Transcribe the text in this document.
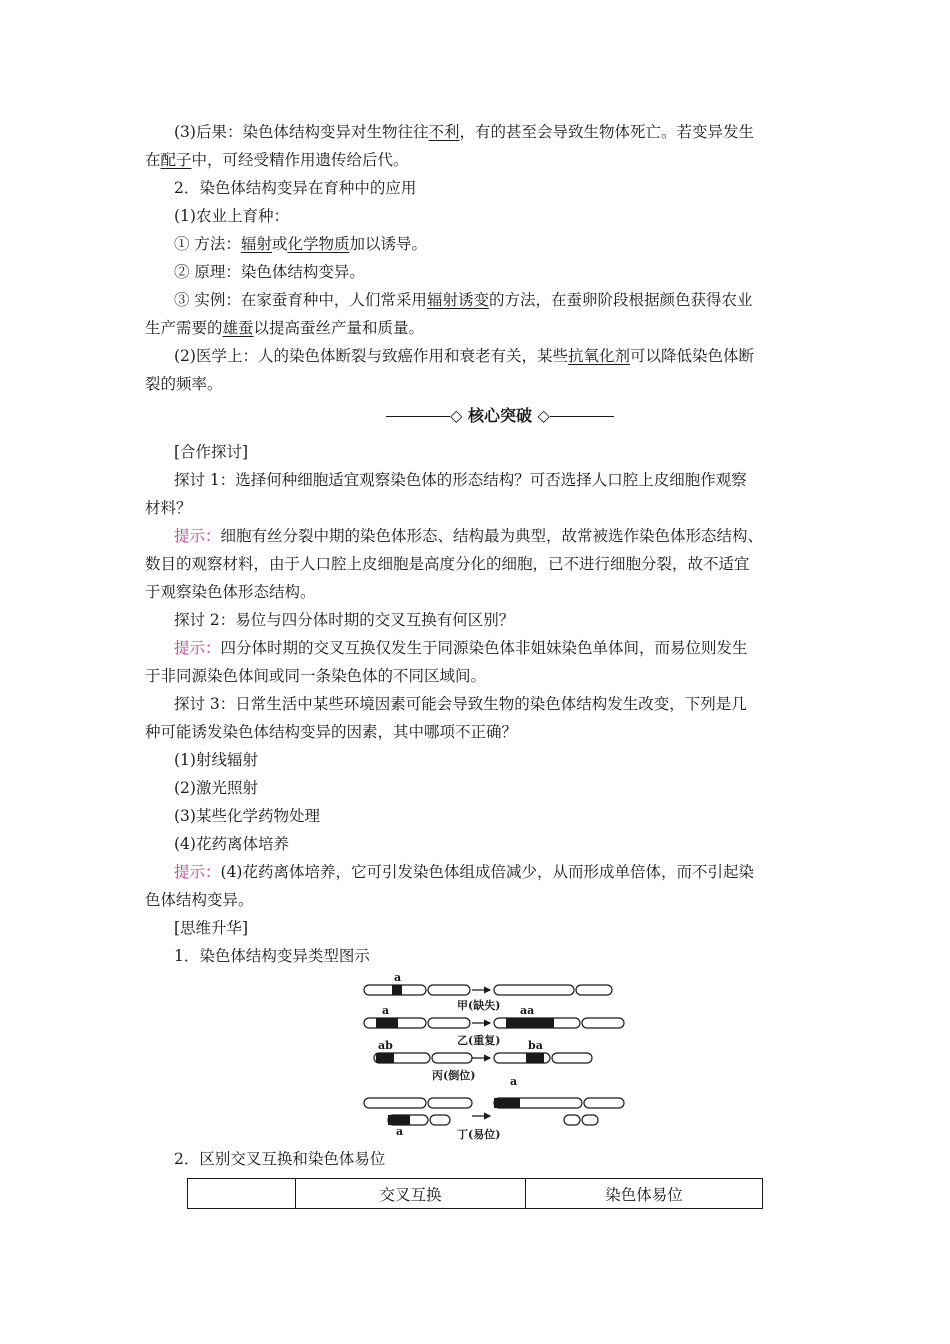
(3)后果：染色体结构变异对生物往往不利，有的甚至会导致生物体死亡。若变异发生
在配子中，可经受精作用遗传给后代。
2．染色体结构变异在育种中的应用
(1)农业上育种：
① 方法：辐射或化学物质加以诱导。
② 原理：染色体结构变异。
③ 实例：在家蚕育种中，人们常采用辐射诱变的方法，在蚕卵阶段根据颜色获得农业
生产需要的雄蚕以提高蚕丝产量和质量。
(2)医学上：人的染色体断裂与致癌作用和衰老有关，某些抗氧化剂可以降低染色体断
裂的频率。
◇ 核心突破 ◇
[合作探讨]
探讨 1：选择何种细胞适宜观察染色体的形态结构？可否选择人口腔上皮细胞作观察
材料？
提示：细胞有丝分裂中期的染色体形态、结构最为典型，故常被选作染色体形态结构、
数目的观察材料，由于人口腔上皮细胞是高度分化的细胞，已不进行细胞分裂，故不适宜
于观察染色体形态结构。
探讨 2：易位与四分体时期的交叉互换有何区别？
提示：四分体时期的交叉互换仅发生于同源染色体非姐妹染色单体间，而易位则发生
于非同源染色体间或同一条染色体的不同区域间。
探讨 3：日常生活中某些环境因素可能会导致生物的染色体结构发生改变，下列是几
种可能诱发染色体结构变异的因素，其中哪项不正确？
(1)射线辐射
(2)激光照射
(3)某些化学药物处理
(4)花药离体培养
提示：(4)花药离体培养，它可引发染色体组成倍减少，从而形成单倍体，而不引起染
色体结构变异。
[思维升华]
1．染色体结构变异类型图示
a
甲(缺失)
a	aa
乙(重复)
ab	ba
丙(倒位)	a
a	丁(易位)
2．区别交叉互换和染色体易位
	交叉互换	染色体易位
